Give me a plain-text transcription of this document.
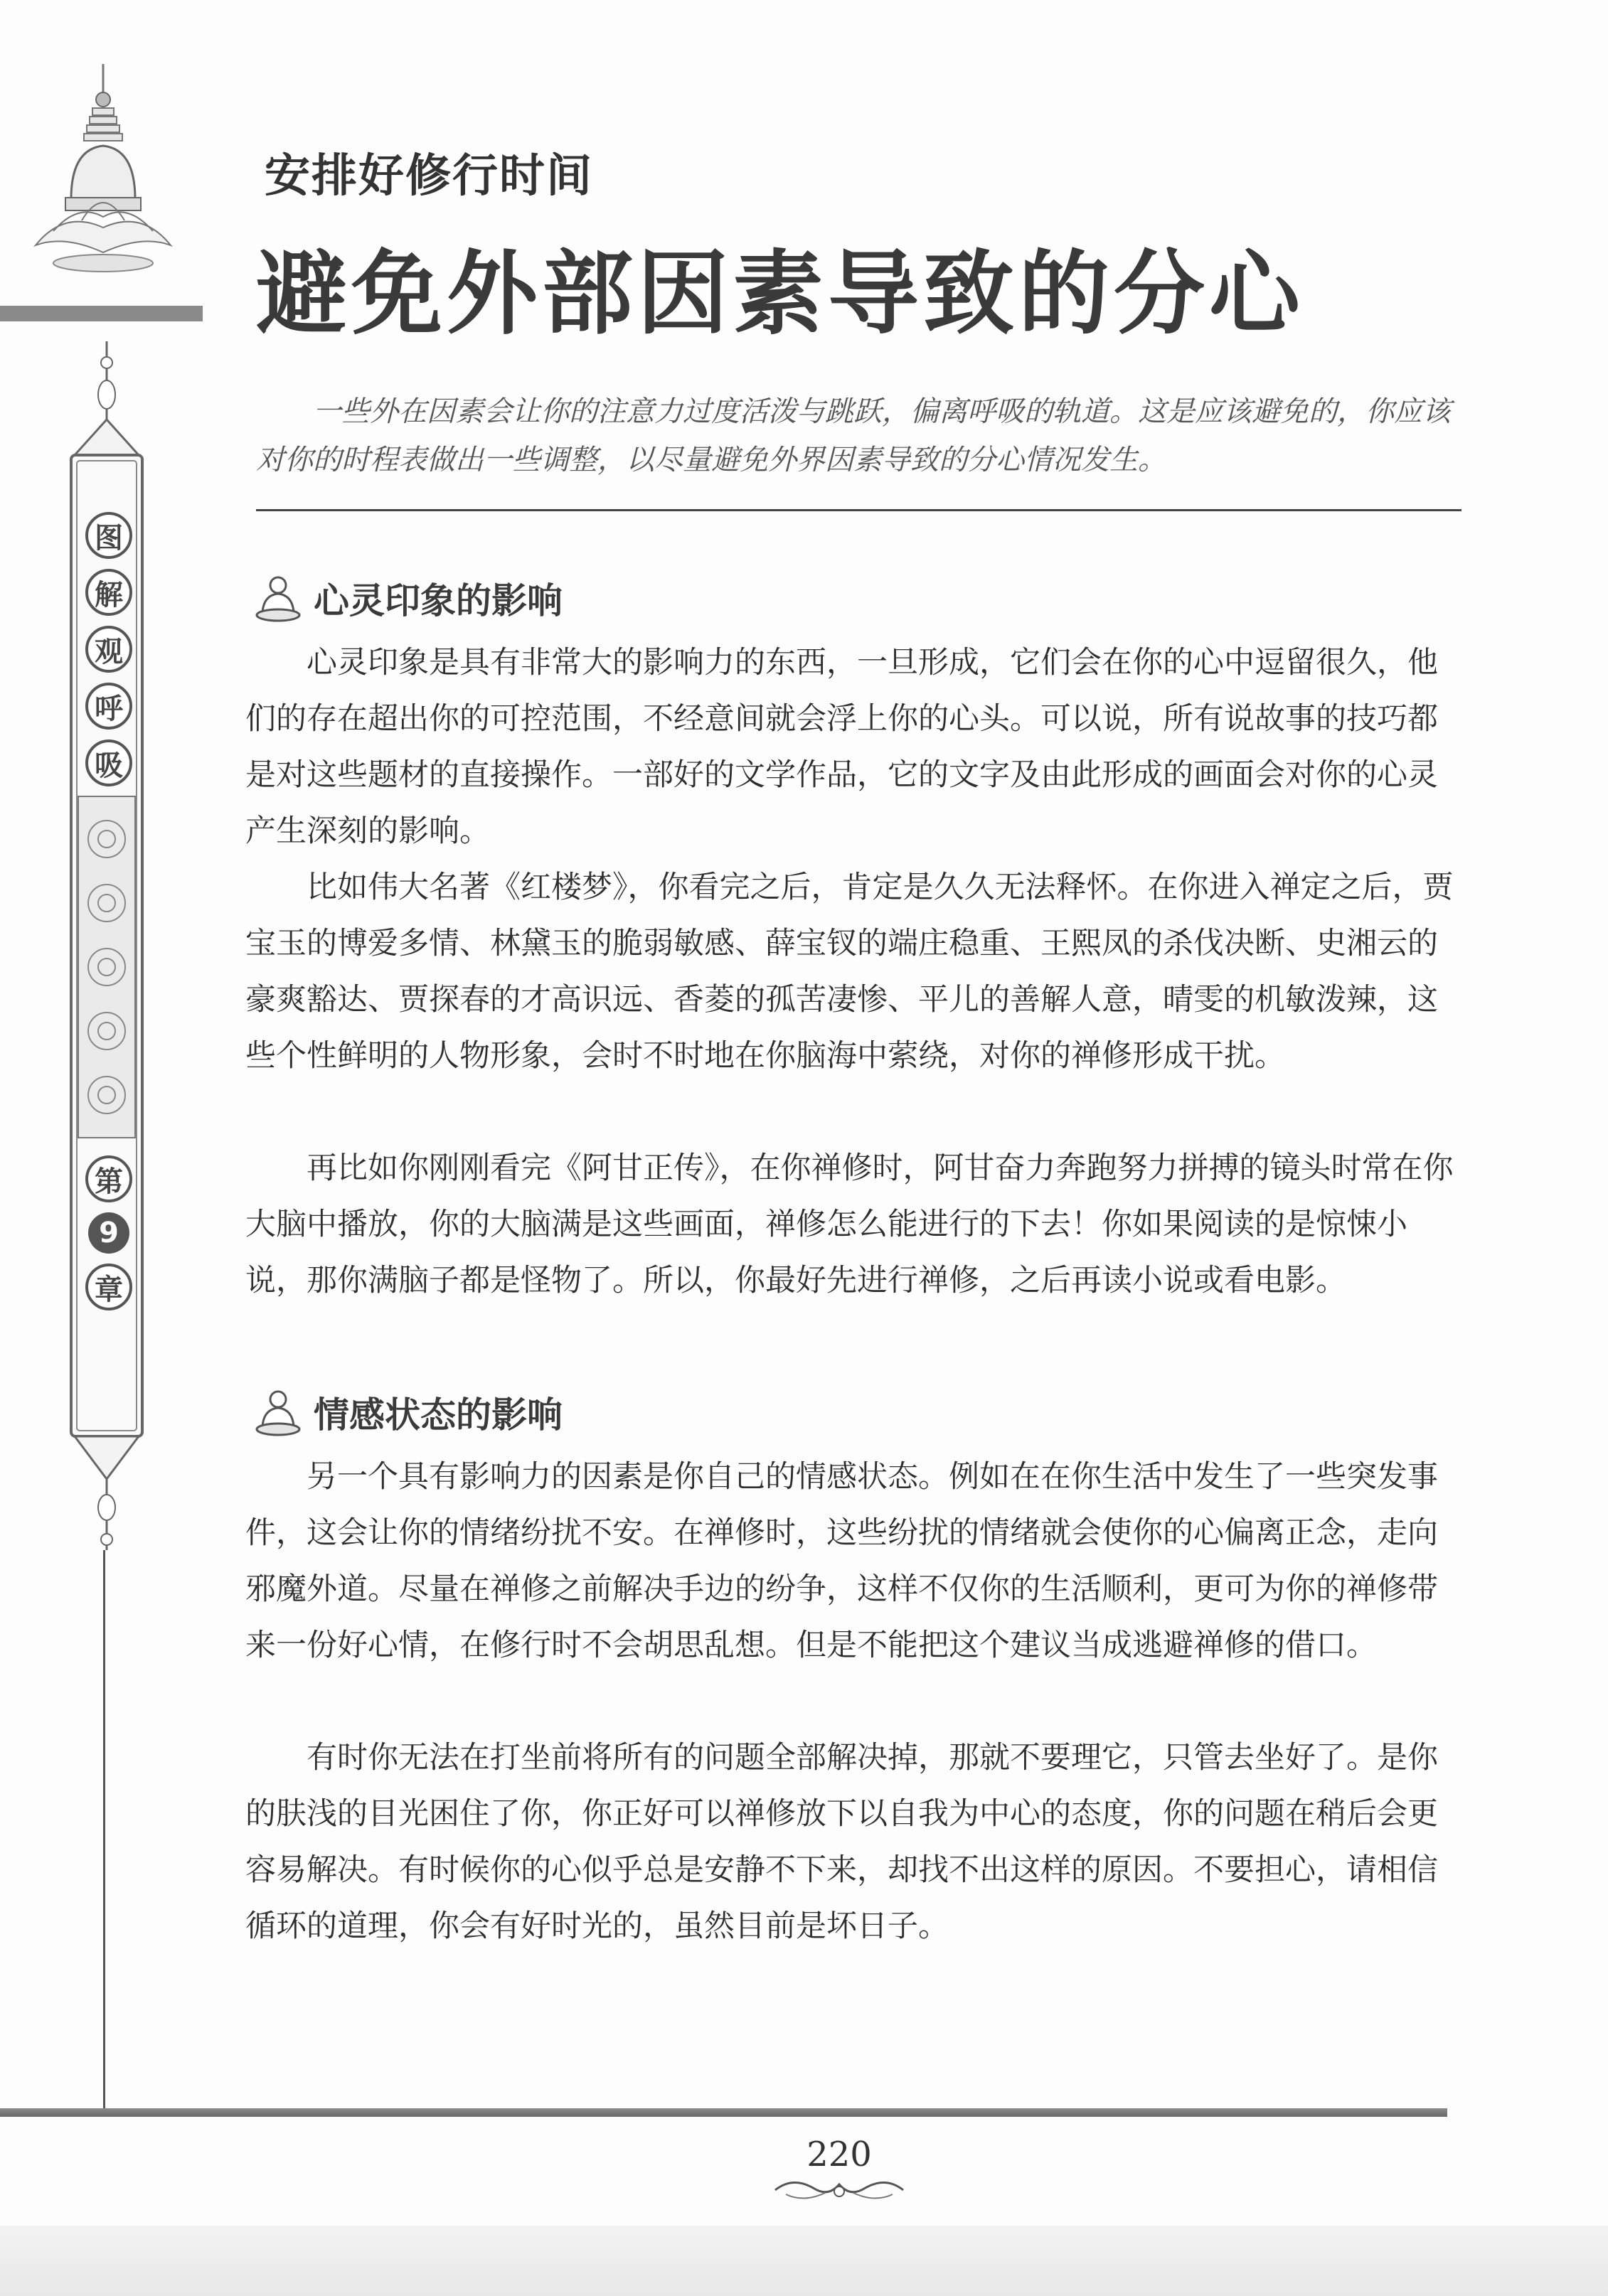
图
解
观
呼
吸
第
9
章
安排好修行时间
避免外部因素导致的分心
一些外在因素会让你的注意力过度活泼与跳跃，偏离呼吸的轨道。这是应该避免的，你应该对你的时程表做出一些调整，以尽量避免外界因素导致的分心情况发生。
心灵印象的影响
心灵印象是具有非常大的影响力的东西，一旦形成，它们会在你的心中逗留很久，他们的存在超出你的可控范围，不经意间就会浮上你的心头。可以说，所有说故事的技巧都是对这些题材的直接操作。一部好的文学作品，它的文字及由此形成的画面会对你的心灵产生深刻的影响。
比如伟大名著《红楼梦》，你看完之后，肯定是久久无法释怀。在你进入禅定之后，贾宝玉的博爱多情、林黛玉的脆弱敏感、薛宝钗的端庄稳重、王熙凤的杀伐决断、史湘云的豪爽豁达、贾探春的才高识远、香菱的孤苦凄惨、平儿的善解人意，晴雯的机敏泼辣，这些个性鲜明的人物形象，会时不时地在你脑海中萦绕，对你的禅修形成干扰。
再比如你刚刚看完《阿甘正传》，在你禅修时，阿甘奋力奔跑努力拼搏的镜头时常在你大脑中播放，你的大脑满是这些画面，禅修怎么能进行的下去！你如果阅读的是惊悚小说，那你满脑子都是怪物了。所以，你最好先进行禅修，之后再读小说或看电影。
情感状态的影响
另一个具有影响力的因素是你自己的情感状态。例如在在你生活中发生了一些突发事件，这会让你的情绪纷扰不安。在禅修时，这些纷扰的情绪就会使你的心偏离正念，走向邪魔外道。尽量在禅修之前解决手边的纷争，这样不仅你的生活顺利，更可为你的禅修带来一份好心情，在修行时不会胡思乱想。但是不能把这个建议当成逃避禅修的借口。
有时你无法在打坐前将所有的问题全部解决掉，那就不要理它，只管去坐好了。是你的肤浅的目光困住了你，你正好可以禅修放下以自我为中心的态度，你的问题在稍后会更容易解决。有时候你的心似乎总是安静不下来，却找不出这样的原因。不要担心，请相信循环的道理，你会有好时光的，虽然目前是坏日子。
220
